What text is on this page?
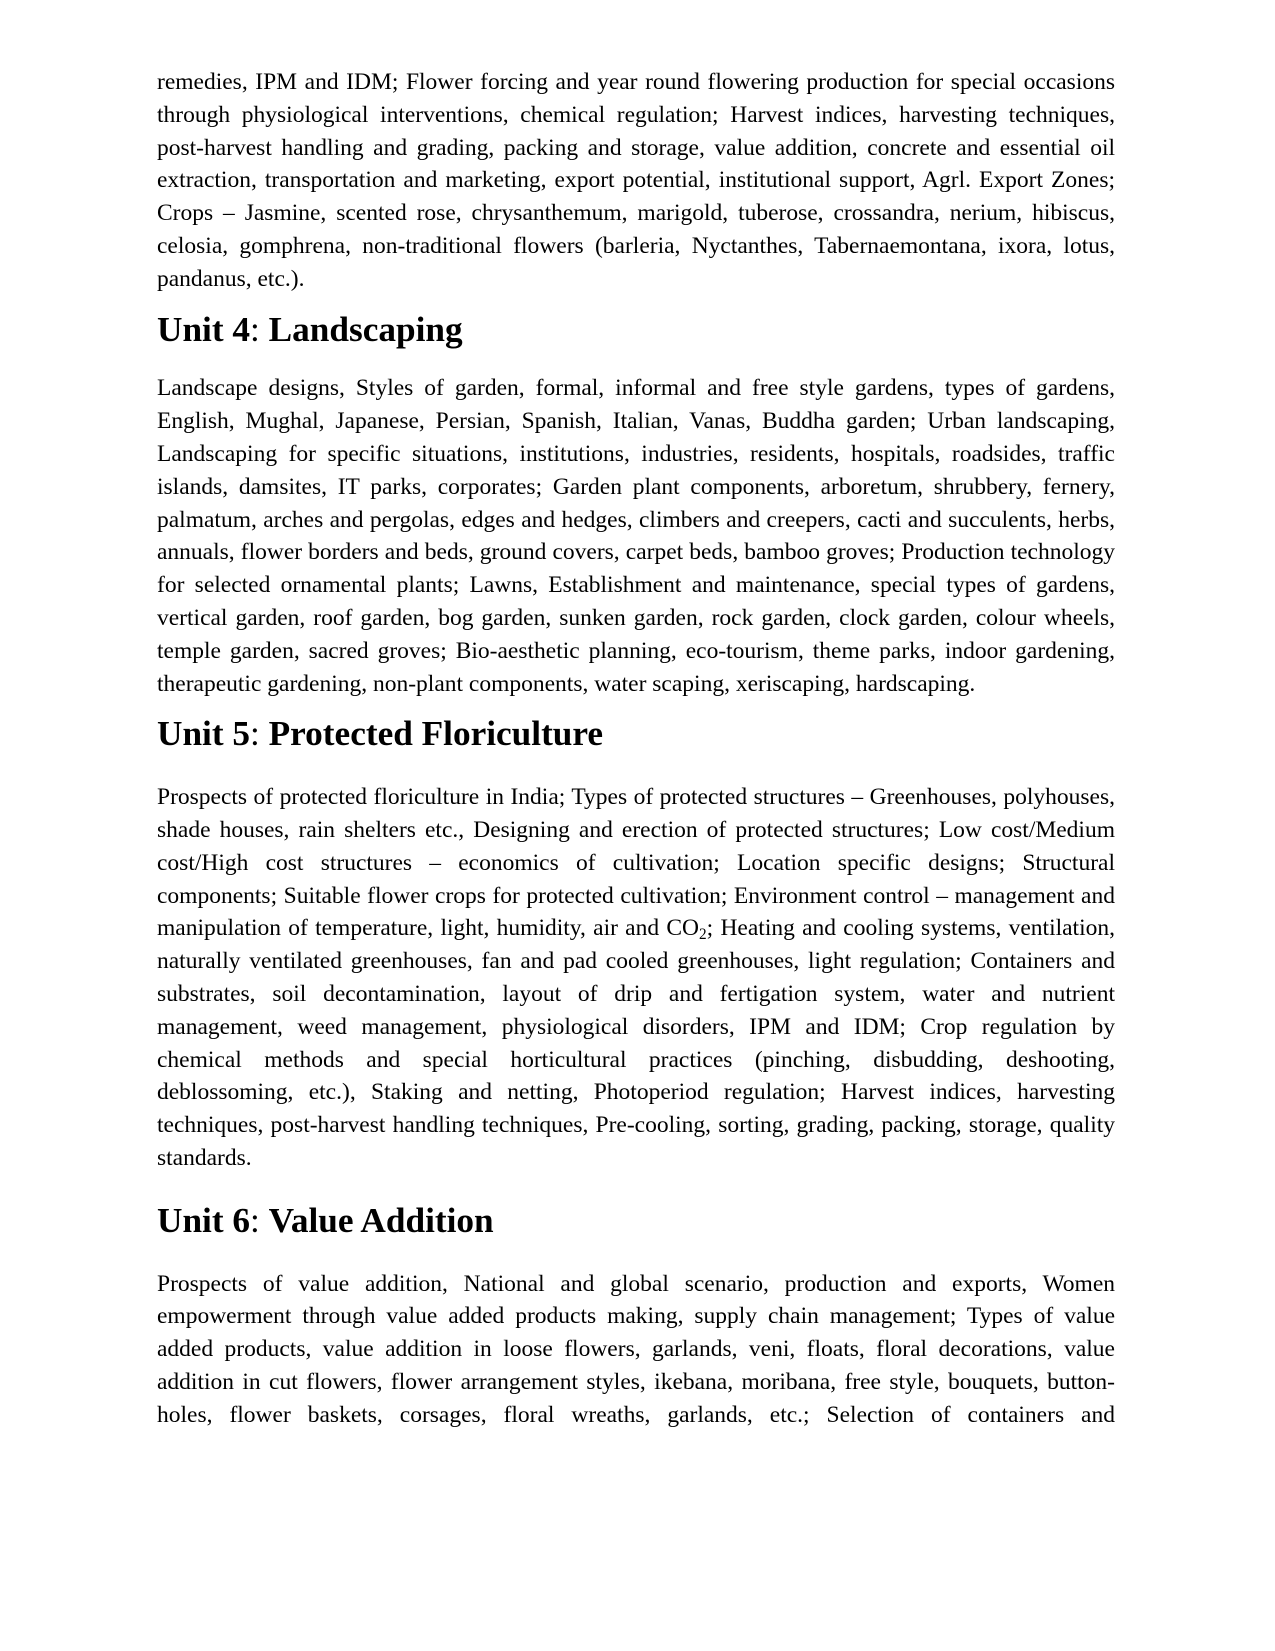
remedies, IPM and IDM; Flower forcing and year round flowering production for special occasions through physiological interventions, chemical regulation; Harvest indices, harvesting techniques, post-harvest handling and grading, packing and storage, value addition, concrete and essential oil extraction, transportation and marketing, export potential, institutional support, Agrl. Export Zones; Crops – Jasmine, scented rose, chrysanthemum, marigold, tuberose, crossandra, nerium, hibiscus, celosia, gomphrena, non-traditional flowers (barleria, Nyctanthes, Tabernaemontana, ixora, lotus, pandanus, etc.).

Unit 4: Landscaping

Landscape designs, Styles of garden, formal, informal and free style gardens, types of gardens, English, Mughal, Japanese, Persian, Spanish, Italian, Vanas, Buddha garden; Urban landscaping, Landscaping for specific situations, institutions, industries, residents, hospitals, roadsides, traffic islands, damsites, IT parks, corporates; Garden plant components, arboretum, shrubbery, fernery, palmatum, arches and pergolas, edges and hedges, climbers and creepers, cacti and succulents, herbs, annuals, flower borders and beds, ground covers, carpet beds, bamboo groves; Production technology for selected ornamental plants; Lawns, Establishment and maintenance, special types of gardens, vertical garden, roof garden, bog garden, sunken garden, rock garden, clock garden, colour wheels, temple garden, sacred groves; Bio-aesthetic planning, eco-tourism, theme parks, indoor gardening, therapeutic gardening, non-plant components, water scaping, xeriscaping, hardscaping.

Unit 5: Protected Floriculture

Prospects of protected floriculture in India; Types of protected structures – Greenhouses, polyhouses, shade houses, rain shelters etc., Designing and erection of protected structures; Low cost/Medium cost/High cost structures – economics of cultivation; Location specific designs; Structural components; Suitable flower crops for protected cultivation; Environment control – management and manipulation of temperature, light, humidity, air and $CO_2$; Heating and cooling systems, ventilation, naturally ventilated greenhouses, fan and pad cooled greenhouses, light regulation; Containers and substrates, soil decontamination, layout of drip and fertigation system, water and nutrient management, weed management, physiological disorders, IPM and IDM; Crop regulation by chemical methods and special horticultural practices (pinching, disbudding, deshooting, deblossoming, etc.), Staking and netting, Photoperiod regulation; Harvest indices, harvesting techniques, post-harvest handling techniques, Pre-cooling, sorting, grading, packing, storage, quality standards.

Unit 6: Value Addition

Prospects of value addition, National and global scenario, production and exports, Women empowerment through value added products making, supply chain management; Types of value added products, value addition in loose flowers, garlands, veni, floats, floral decorations, value addition in cut flowers, flower arrangement styles, ikebana, moribana, free style, bouquets, button-holes, flower baskets, corsages, floral wreaths, garlands, etc.; Selection of containers and
